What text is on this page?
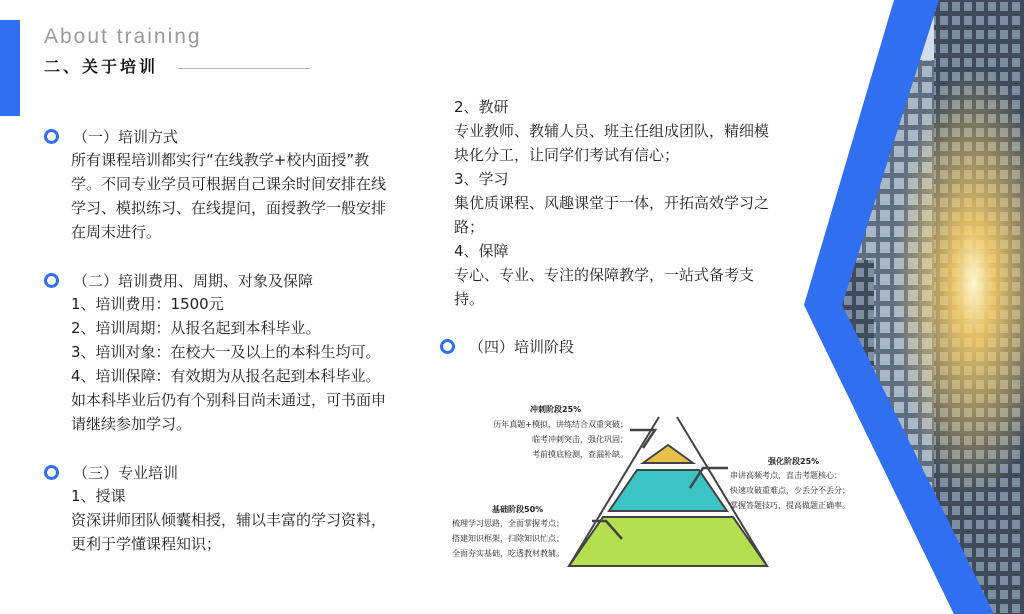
About training
二、关于培训
（一）培训方式
所有课程培训都实行“在线教学+校内面授”教
学。不同专业学员可根据自己课余时间安排在线
学习、模拟练习、在线提问，面授教学一般安排
在周末进行。
（二）培训费用、周期、对象及保障
1、培训费用：1500元
2、培训周期：从报名起到本科毕业。
3、培训对象：在校大一及以上的本科生均可。
4、培训保障：有效期为从报名起到本科毕业。
如本科毕业后仍有个别科目尚未通过，可书面申
请继续参加学习。
（三）专业培训
1、授课
资深讲师团队倾囊相授，辅以丰富的学习资料，
更利于学懂课程知识；
2、教研
专业教师、教辅人员、班主任组成团队，精细模
块化分工，让同学们考试有信心；
3、学习
集优质课程、风趣课堂于一体，开拓高效学习之
路；
4、保障
专心、专业、专注的保障教学，一站式备考支
持。
（四）培训阶段
冲刺阶段25%
历年真题+模拟，讲练结合双重突破；
临考冲刺突击，强化巩固；
考前摸底检测，查漏补缺。
强化阶段25%
串讲高频考点，直击考题核心；
快速攻破重难点，少丢分不丢分；
掌握答题技巧，提高做题正确率。
基础阶段50%
梳理学习思路，全面掌握考点；
搭建知识框架，扫除知识忙点；
全面夯实基础，吃透教材教辅。
